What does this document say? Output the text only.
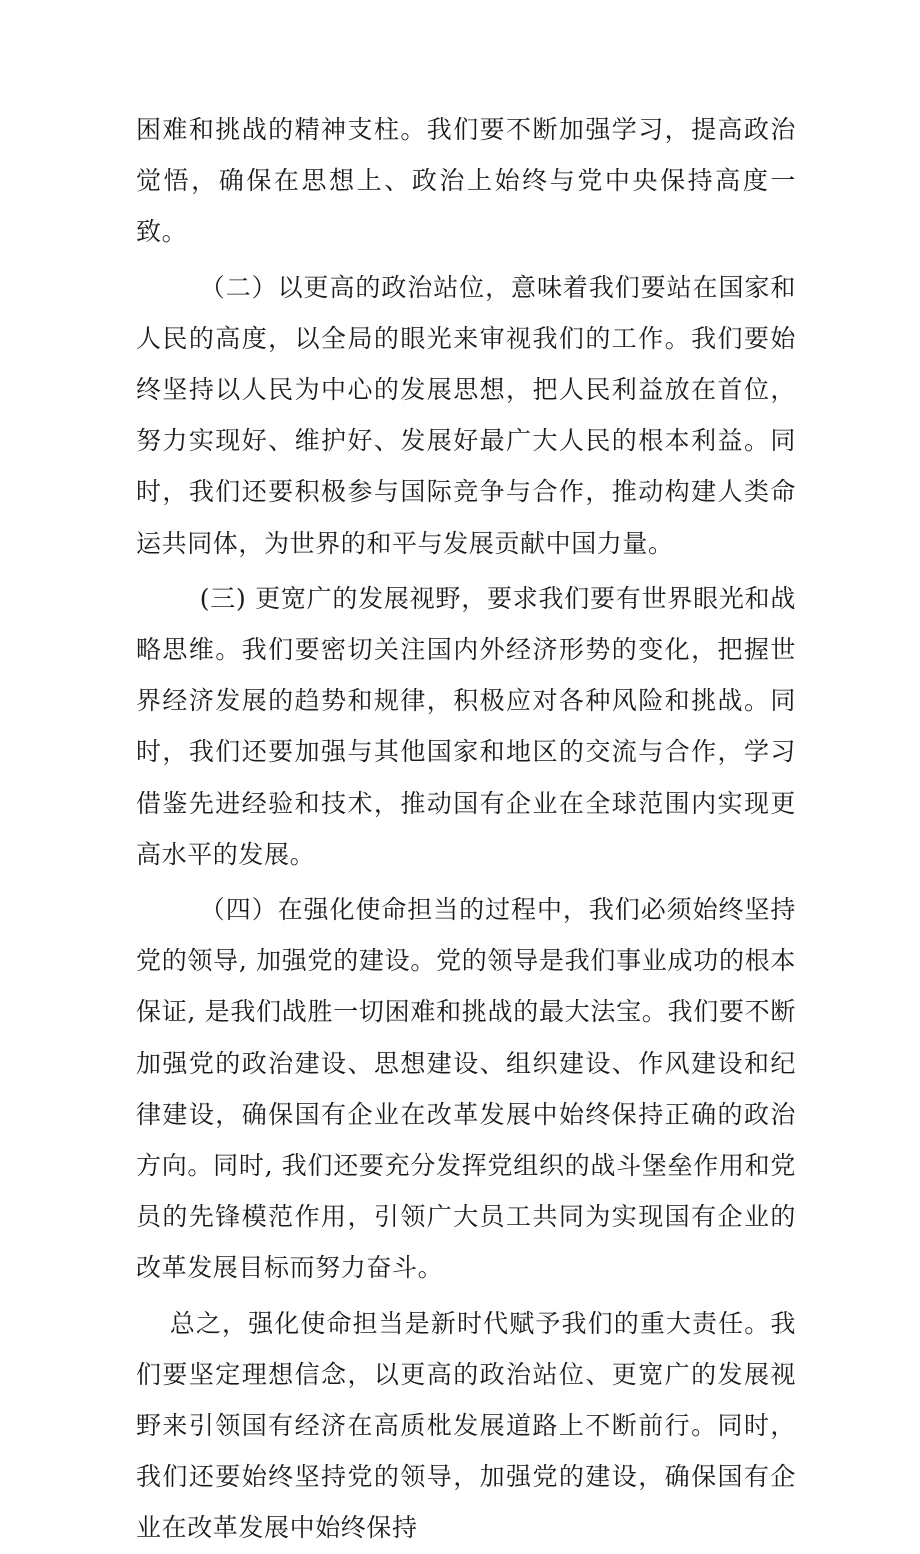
困难和挑战的精神支柱。我们要不断加强学习，提高政治觉悟，确保在思想上、政治上始终与党中央保持高度一致。

（二）以更高的政治站位，意味着我们要站在国家和人民的高度，以全局的眼光来审视我们的工作。我们要始终坚持以人民为中心的发展思想，把人民利益放在首位，努力实现好、维护好、发展好最广大人民的根本利益。同时，我们还要积极参与国际竞争与合作，推动构建人类命运共同体，为世界的和平与发展贡献中国力量。

(三) 更宽广的发展视野，要求我们要有世界眼光和战略思维。我们要密切关注国内外经济形势的变化，把握世界经济发展的趋势和规律，积极应对各种风险和挑战。同时，我们还要加强与其他国家和地区的交流与合作，学习借鉴先进经验和技术，推动国有企业在全球范围内实现更高水平的发展。

（四）在强化使命担当的过程中，我们必须始终坚持党的领导, 加强党的建设。党的领导是我们事业成功的根本保证, 是我们战胜一切困难和挑战的最大法宝。我们要不断加强党的政治建设、思想建设、组织建设、作风建设和纪律建设，确保国有企业在改革发展中始终保持正确的政治方向。同时, 我们还要充分发挥党组织的战斗堡垒作用和党员的先锋模范作用，引领广大员工共同为实现国有企业的改革发展目标而努力奋斗。

总之，强化使命担当是新时代赋予我们的重大责任。我们要坚定理想信念，以更高的政治站位、更宽广的发展视野来引领国有经济在高质枇发展道路上不断前行。同时，我们还要始终坚持党的领导，加强党的建设，确保国有企业在改革发展中始终保持
